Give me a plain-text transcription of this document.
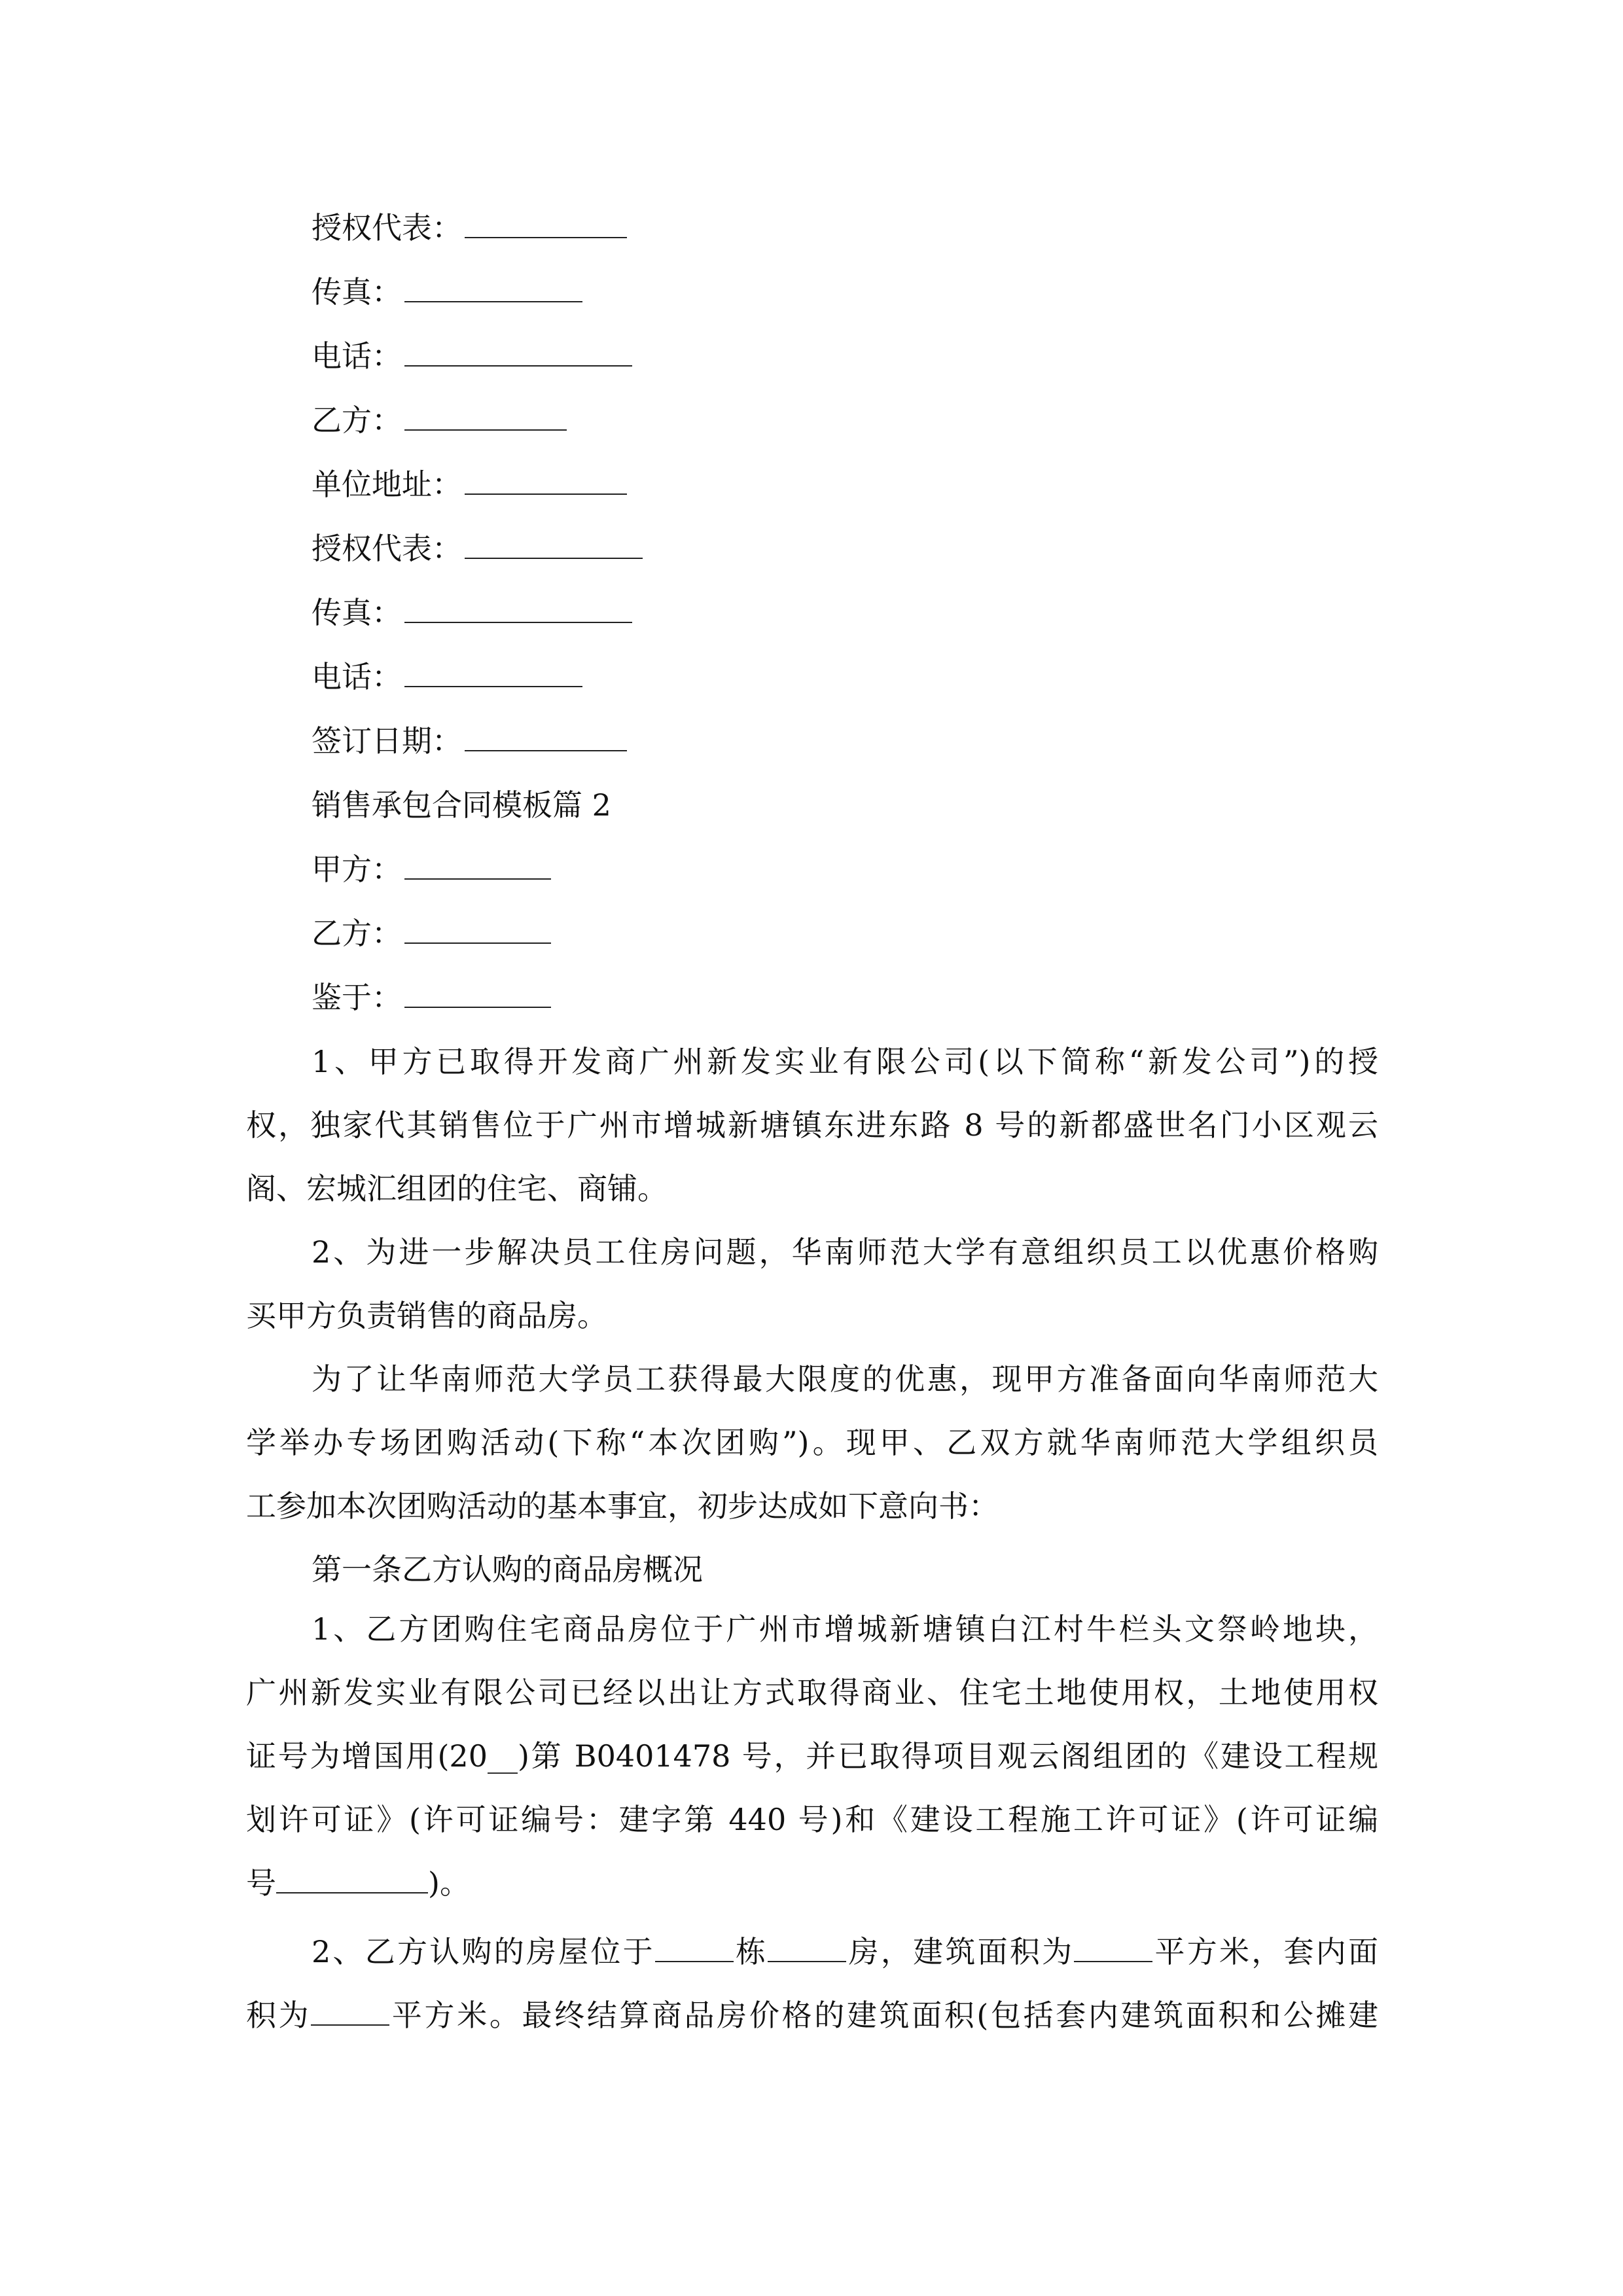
授权代表：
传真：
电话：
乙方：
单位地址：
授权代表：
传真：
电话：
签订日期：
销售承包合同模板篇 2
甲方：
乙方：
鉴于：
1、甲方已取得开发商广州新发实业有限公司(以下简称“新发公司”)的授
权，独家代其销售位于广州市增城新塘镇东进东路 8 号的新都盛世名门小区观云
阁、宏城汇组团的住宅、商铺。
2、为进一步解决员工住房问题，华南师范大学有意组织员工以优惠价格购
买甲方负责销售的商品房。
为了让华南师范大学员工获得最大限度的优惠，现甲方准备面向华南师范大
学举办专场团购活动(下称“本次团购”)。现甲、乙双方就华南师范大学组织员
工参加本次团购活动的基本事宜，初步达成如下意向书：
第一条乙方认购的商品房概况
1、乙方团购住宅商品房位于广州市增城新塘镇白江村牛栏头文祭岭地块，
广州新发实业有限公司已经以出让方式取得商业、住宅土地使用权，土地使用权
证号为增国用(20__)第 B0401478 号，并已取得项目观云阁组团的《建设工程规
划许可证》(许可证编号：建字第 440 号)和《建设工程施工许可证》(许可证编
号	)。
2、乙方认购的房屋位于	栋	房，建筑面积为	平方米，套内面
积为	平方米。最终结算商品房价格的建筑面积(包括套内建筑面积和公摊建
